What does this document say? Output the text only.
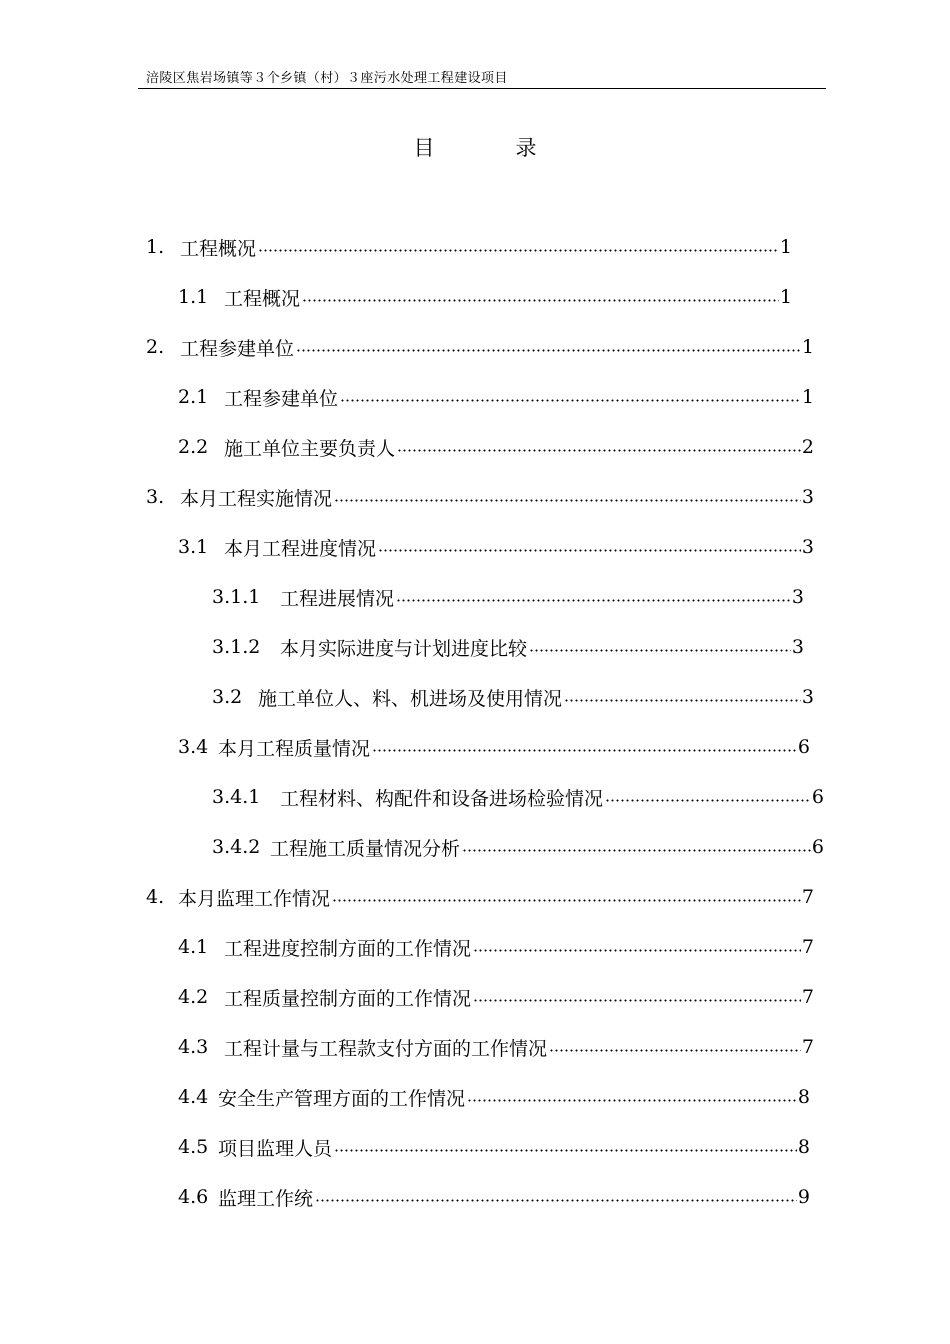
涪陵区焦岩场镇等３个乡镇（村）３座污水处理工程建设项目
目　录
1. 工程概况	1
1.1 工程概况	1
2. 工程参建单位	1
2.1 工程参建单位	1
2.2 施工单位主要负责人	2
3. 本月工程实施情况	3
3.1 本月工程进度情况	3
3.1.1	工程进展情况	3
3.1.2	本月实际进度与计划进度比较	3
3.2 施工单位人、料、机进场及使用情况	3
3.4 本月工程质量情况	6
3.4.1	工程材料、构配件和设备进场检验情况	6
3.4.2 工程施工质量情况分析	6
4. 本月监理工作情况	7
4.1 工程进度控制方面的工作情况	7
4.2 工程质量控制方面的工作情况	7
4.3 工程计量与工程款支付方面的工作情况	7
4.4 安全生产管理方面的工作情况	8
4.5 项目监理人员	8
4.6 监理工作统	9
